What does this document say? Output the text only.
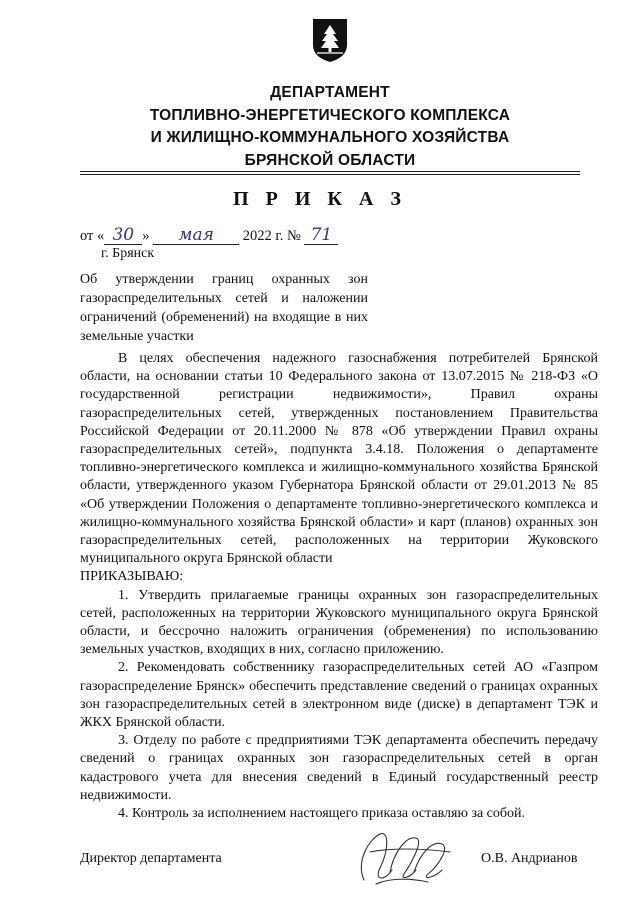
ДЕПАРТАМЕНТ
ТОПЛИВНО-ЭНЕРГЕТИЧЕСКОГО КОМПЛЕКСА
И ЖИЛИЩНО-КОММУНАЛЬНОГО ХОЗЯЙСТВА
БРЯНСКОЙ ОБЛАСТИ
П Р И К А З
от « 30 » мая 2022 г. № 71
г. Брянск
Об утверждении границ охранных зон газораспределительных сетей и наложении ограничений (обременений) на входящие в них земельные участки

В целях обеспечения надежного газоснабжения потребителей Брянской области, на основании статьи 10 Федерального закона от 13.07.2015 № 218-ФЗ «О государственной регистрации недвижимости», Правил охраны газораспределительных сетей, утвержденных постановлением Правительства Российской Федерации от 20.11.2000 № 878 «Об утверждении Правил охраны газораспределительных сетей», подпункта 3.4.18. Положения о департаменте топливно-энергетического комплекса и жилищно-коммунального хозяйства Брянской области, утвержденного указом Губернатора Брянской области от 29.01.2013 № 85 «Об утверждении Положения о департаменте топливно-энергетического комплекса и жилищно-коммунального хозяйства Брянской области» и карт (планов) охранных зон газораспределительных сетей, расположенных на территории Жуковского муниципального округа Брянской области

ПРИКАЗЫВАЮ:

1. Утвердить прилагаемые границы охранных зон газораспределительных сетей, расположенных на территории Жуковского муниципального округа Брянской области, и бессрочно наложить ограничения (обременения) по использованию земельных участков, входящих в них, согласно приложению.

2. Рекомендовать собственнику газораспределительных сетей АО «Газпром газораспределение Брянск» обеспечить представление сведений о границах охранных зон газораспределительных сетей в электронном виде (диске) в департамент ТЭК и ЖКХ Брянской области.

3. Отделу по работе с предприятиями ТЭК департамента обеспечить передачу сведений о границах охранных зон газораспределительных сетей в орган кадастрового учета для внесения сведений в Единый государственный реестр недвижимости.

4. Контроль за исполнением настоящего приказа оставляю за собой.

Директор департамента	О.В. Андрианов
